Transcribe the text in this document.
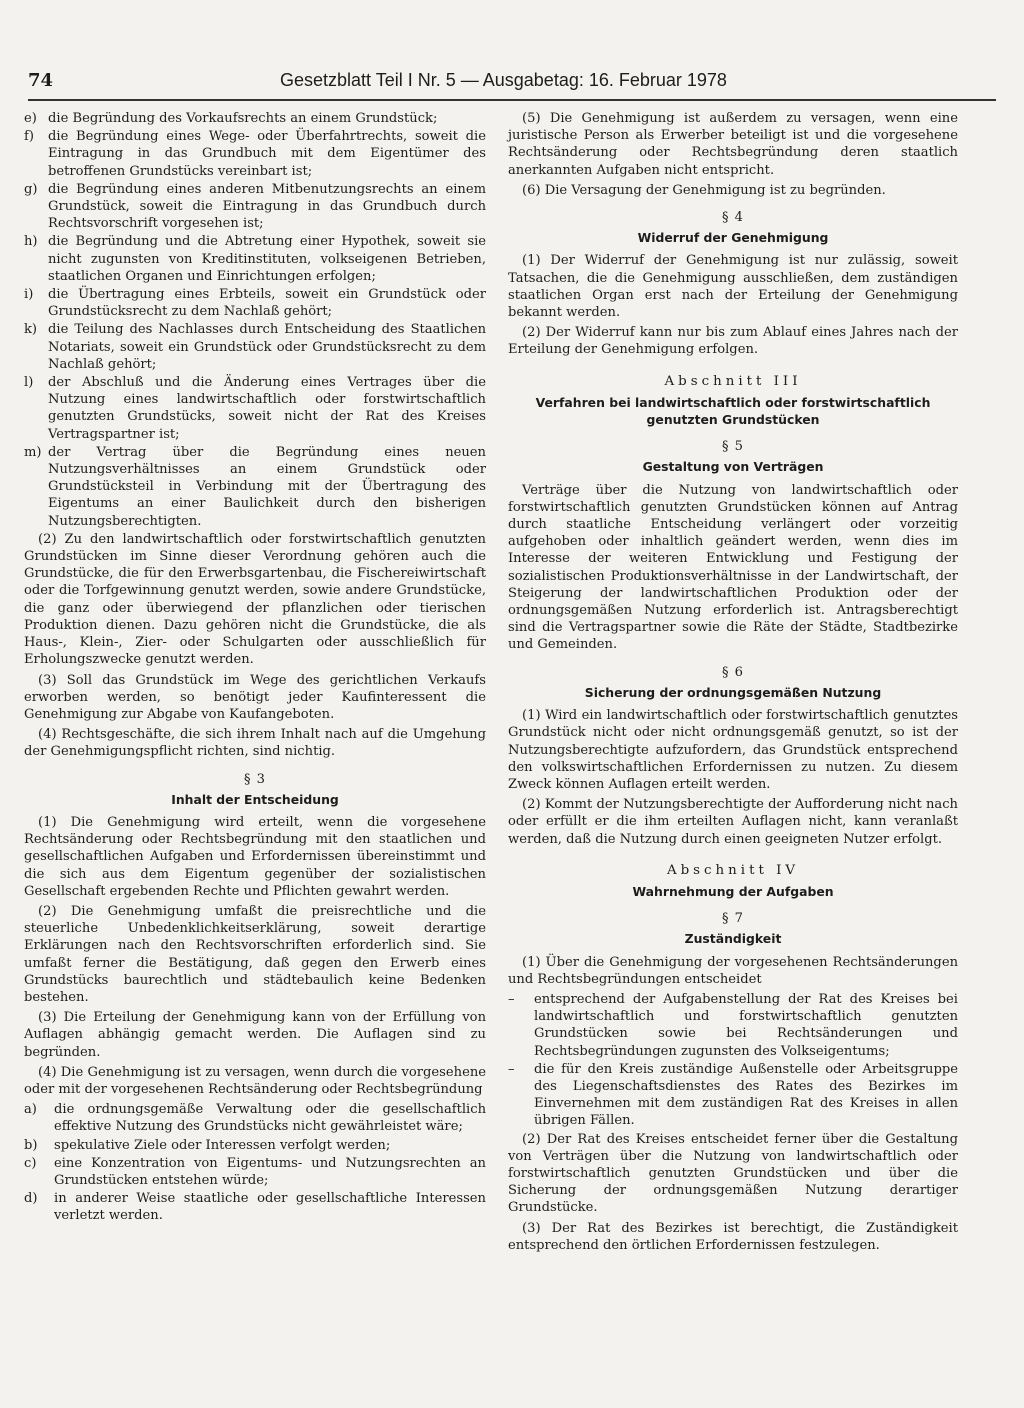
74	Gesetzblatt Teil I Nr. 5 — Ausgabetag: 16. Februar 1978
e) die Begründung des Vorkaufsrechts an einem Grundstück;
f)	die Begründung eines Wege- oder Überfahrtrechts, soweit die Eintragung in das Grundbuch mit dem Eigentümer des betroffenen Grundstücks vereinbart ist;
g) die Begründung eines anderen Mitbenutzungsrechts an einem Grundstück, soweit die Eintragung in das Grundbuch durch Rechtsvorschrift vorgesehen ist;
h) die Begründung und die Abtretung einer Hypothek, soweit sie nicht zugunsten von Kreditinstituten, volkseigenen Betrieben, staatlichen Organen und Einrichtungen erfolgen;
i)	die Übertragung eines Erbteils, soweit ein Grundstück oder Grundstücksrecht zu dem Nachlaß gehört;
k) die Teilung des Nachlasses durch Entscheidung des Staatlichen Notariats, soweit ein Grundstück oder Grundstücksrecht zu dem Nachlaß gehört;
l)	der Abschluß und die Änderung eines Vertrages über die Nutzung eines landwirtschaftlich oder forstwirtschaftlich genutzten Grundstücks, soweit nicht der Rat des Kreises Vertragspartner ist;
m) der Vertrag über die Begründung eines neuen Nutzungsverhältnisses an einem Grundstück oder Grundstücksteil in Verbindung mit der Übertragung des Eigentums an einer Baulichkeit durch den bisherigen Nutzungsberechtigten.

(2) Zu den landwirtschaftlich oder forstwirtschaftlich genutzten Grundstücken im Sinne dieser Verordnung gehören auch die Grundstücke, die für den Erwerbsgartenbau, die Fischereiwirtschaft oder die Torfgewinnung genutzt werden, sowie andere Grundstücke, die ganz oder überwiegend der pflanzlichen oder tierischen Produktion dienen. Dazu gehören nicht die Grundstücke, die als Haus-, Klein-, Zier- oder Schulgarten oder ausschließlich für Erholungszwecke genutzt werden.

(3) Soll das Grundstück im Wege des gerichtlichen Verkaufs erworben werden, so benötigt jeder Kaufinteressent die Genehmigung zur Abgabe von Kaufangeboten.

(4) Rechtsgeschäfte, die sich ihrem Inhalt nach auf die Umgehung der Genehmigungspflicht richten, sind nichtig.

§ 3

Inhalt der Entscheidung

(1) Die Genehmigung wird erteilt, wenn die vorgesehene Rechtsänderung oder Rechtsbegründung mit den staatlichen und gesellschaftlichen Aufgaben und Erfordernissen übereinstimmt und die sich aus dem Eigentum gegenüber der sozialistischen Gesellschaft ergebenden Rechte und Pflichten gewahrt werden.

(2) Die Genehmigung umfaßt die preisrechtliche und die steuerliche Unbedenklichkeitserklärung, soweit derartige Erklärungen nach den Rechtsvorschriften erforderlich sind. Sie umfaßt ferner die Bestätigung, daß gegen den Erwerb eines Grundstücks baurechtlich und städtebaulich keine Bedenken bestehen.

(3) Die Erteilung der Genehmigung kann von der Erfüllung von Auflagen abhängig gemacht werden. Die Auflagen sind zu begründen.

(4) Die Genehmigung ist zu versagen, wenn durch die vorgesehene oder mit der vorgesehenen Rechtsänderung oder Rechtsbegründung

a)	die ordnungsgemäße Verwaltung oder die gesellschaftlich effektive Nutzung des Grundstücks nicht gewährleistet wäre;
b)	spekulative Ziele oder Interessen verfolgt werden;
c)	eine Konzentration von Eigentums- und Nutzungsrechten an Grundstücken entstehen würde;
d)	in anderer Weise staatliche oder gesellschaftliche Interessen verletzt werden.

(5) Die Genehmigung ist außerdem zu versagen, wenn eine juristische Person als Erwerber beteiligt ist und die vorgesehene Rechtsänderung oder Rechtsbegründung deren staatlich anerkannten Aufgaben nicht entspricht.

(6) Die Versagung der Genehmigung ist zu begründen.

§ 4

Widerruf der Genehmigung

(1) Der Widerruf der Genehmigung ist nur zulässig, soweit Tatsachen, die die Genehmigung ausschließen, dem zuständigen staatlichen Organ erst nach der Erteilung der Genehmigung bekannt werden.

(2) Der Widerruf kann nur bis zum Ablauf eines Jahres nach der Erteilung der Genehmigung erfolgen.

Abschnitt III

Verfahren bei landwirtschaftlich oder forstwirtschaftlich genutzten Grundstücken

§ 5

Gestaltung von Verträgen

Verträge über die Nutzung von landwirtschaftlich oder forstwirtschaftlich genutzten Grundstücken können auf Antrag durch staatliche Entscheidung verlängert oder vorzeitig aufgehoben oder inhaltlich geändert werden, wenn dies im Interesse der weiteren Entwicklung und Festigung der sozialistischen Produktionsverhältnisse in der Landwirtschaft, der Steigerung der landwirtschaftlichen Produktion oder der ordnungsgemäßen Nutzung erforderlich ist. Antragsberechtigt sind die Vertragspartner sowie die Räte der Städte, Stadtbezirke und Gemeinden.

§ 6

Sicherung der ordnungsgemäßen Nutzung

(1) Wird ein landwirtschaftlich oder forstwirtschaftlich genutztes Grundstück nicht oder nicht ordnungsgemäß genutzt, so ist der Nutzungsberechtigte aufzufordern, das Grundstück entsprechend den volkswirtschaftlichen Erfordernissen zu nutzen. Zu diesem Zweck können Auflagen erteilt werden.

(2) Kommt der Nutzungsberechtigte der Aufforderung nicht nach oder erfüllt er die ihm erteilten Auflagen nicht, kann veranlaßt werden, daß die Nutzung durch einen geeigneten Nutzer erfolgt.

Abschnitt IV

Wahrnehmung der Aufgaben

§ 7

Zuständigkeit

(1) Über die Genehmigung der vorgesehenen Rechtsänderungen und Rechtsbegründungen entscheidet

–	entsprechend der Aufgabenstellung der Rat des Kreises bei landwirtschaftlich und forstwirtschaftlich genutzten Grundstücken sowie bei Rechtsänderungen und Rechtsbegründungen zugunsten des Volkseigentums;
–	die für den Kreis zuständige Außenstelle oder Arbeitsgruppe des Liegenschaftsdienstes des Rates des Bezirkes im Einvernehmen mit dem zuständigen Rat des Kreises in allen übrigen Fällen.

(2) Der Rat des Kreises entscheidet ferner über die Gestaltung von Verträgen über die Nutzung von landwirtschaftlich oder forstwirtschaftlich genutzten Grundstücken und über die Sicherung der ordnungsgemäßen Nutzung derartiger Grundstücke.

(3) Der Rat des Bezirkes ist berechtigt, die Zuständigkeit entsprechend den örtlichen Erfordernissen festzulegen.
